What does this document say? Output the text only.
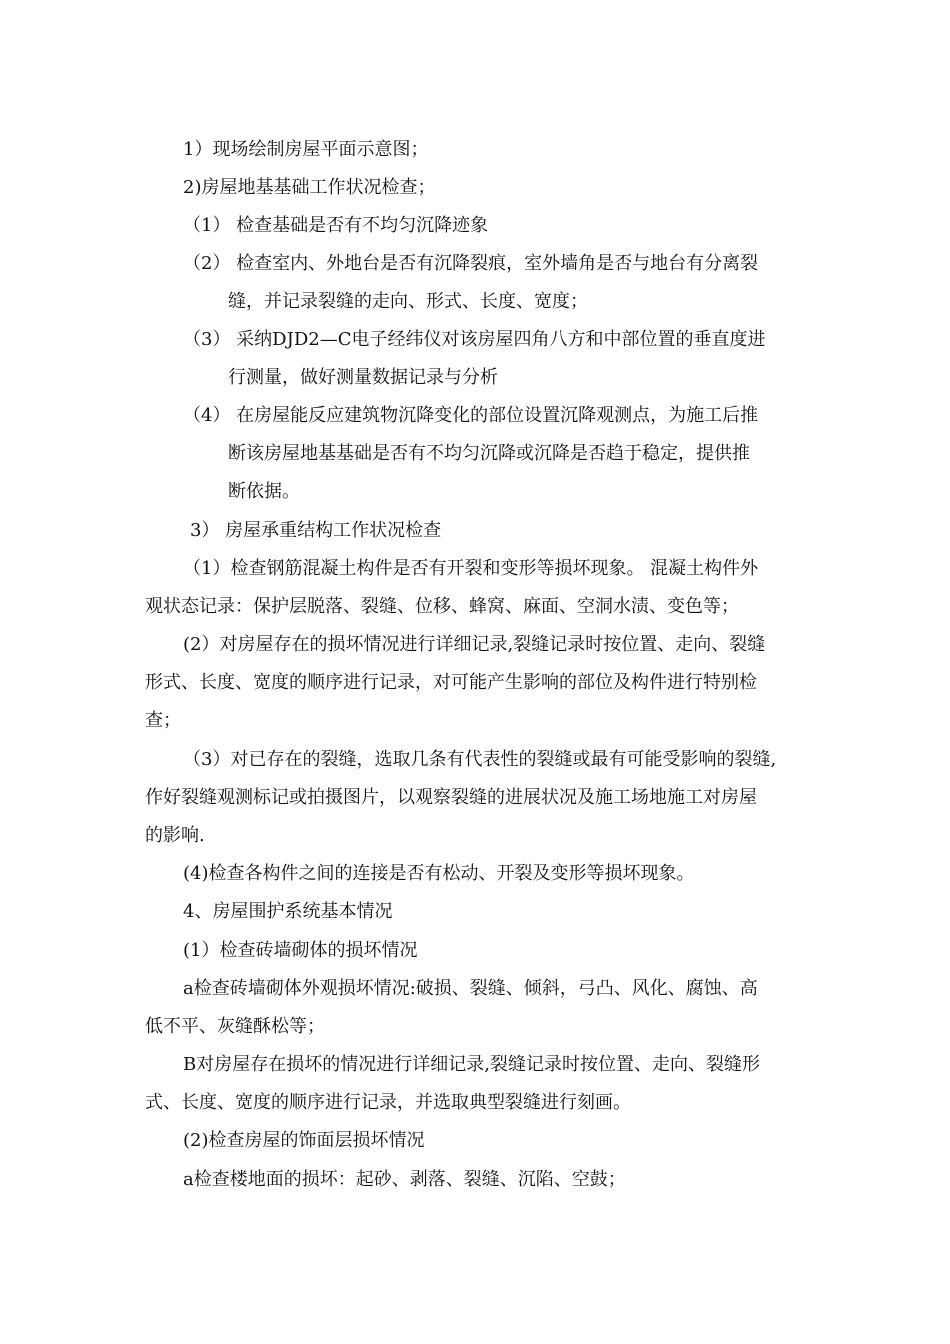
1）现场绘制房屋平面示意图；
2)房屋地基基础工作状况检查；
（1） 检查基础是否有不均匀沉降迹象
（2） 检查室内、外地台是否有沉降裂痕，室外墙角是否与地台有分离裂
缝，并记录裂缝的走向、形式、长度、宽度；
（3） 采纳DJD2—C电子经纬仪对该房屋四角八方和中部位置的垂直度进
行测量，做好测量数据记录与分析
（4） 在房屋能反应建筑物沉降变化的部位设置沉降观测点，为施工后推
断该房屋地基基础是否有不均匀沉降或沉降是否趋于稳定，提供推
断依据。
3） 房屋承重结构工作状况检查
（1）检查钢筋混凝土构件是否有开裂和变形等损坏现象。 混凝土构件外
观状态记录：保护层脱落、裂缝、位移、蜂窝、麻面、空洞水渍、变色等；
(2）对房屋存在的损坏情况进行详细记录,裂缝记录时按位置、走向、裂缝
形式、长度、宽度的顺序进行记录，对可能产生影响的部位及构件进行特别检
查；
（3）对已存在的裂缝，选取几条有代表性的裂缝或最有可能受影响的裂缝,
作好裂缝观测标记或拍摄图片，以观察裂缝的进展状况及施工场地施工对房屋
的影响.
(4)检查各构件之间的连接是否有松动、开裂及变形等损坏现象。
4、房屋围护系统基本情况
(1）检查砖墙砌体的损坏情况
a检查砖墙砌体外观损坏情况:破损、裂缝、倾斜，弓凸、风化、腐蚀、高
低不平、灰缝酥松等；
B对房屋存在损坏的情况进行详细记录,裂缝记录时按位置、走向、裂缝形
式、长度、宽度的顺序进行记录，并选取典型裂缝进行刻画。
(2)检查房屋的饰面层损坏情况
a检查楼地面的损坏：起砂、剥落、裂缝、沉陷、空鼓；
